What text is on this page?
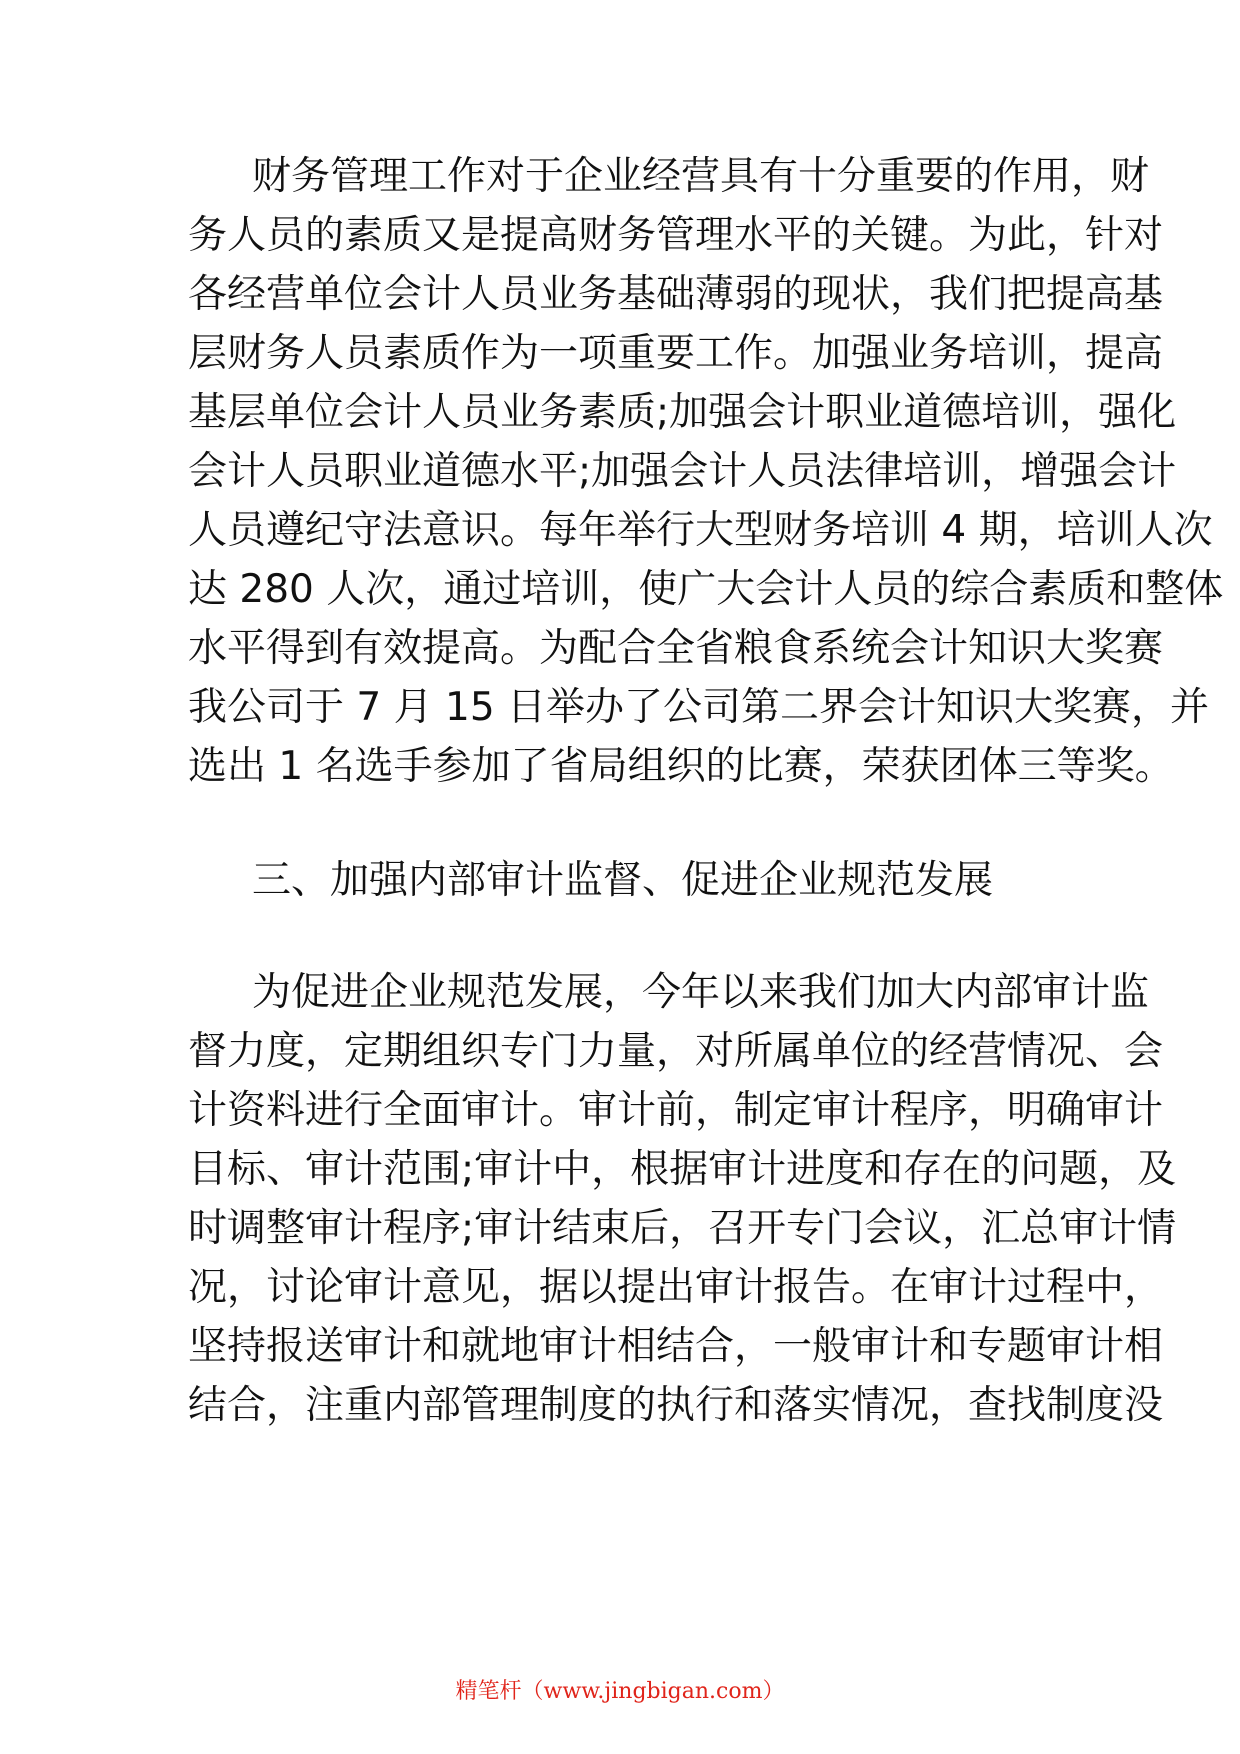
财务管理工作对于企业经营具有十分重要的作用，财
务人员的素质又是提高财务管理水平的关键。为此，针对
各经营单位会计人员业务基础薄弱的现状，我们把提高基
层财务人员素质作为一项重要工作。加强业务培训，提高
基层单位会计人员业务素质;加强会计职业道德培训，强化
会计人员职业道德水平;加强会计人员法律培训，增强会计
人员遵纪守法意识。每年举行大型财务培训 4 期，培训人次
达 280 人次，通过培训，使广大会计人员的综合素质和整体
水平得到有效提高。为配合全省粮食系统会计知识大奖赛
我公司于 7 月 15 日举办了公司第二界会计知识大奖赛，并
选出 1 名选手参加了省局组织的比赛，荣获团体三等奖。
三、加强内部审计监督、促进企业规范发展
为促进企业规范发展，今年以来我们加大内部审计监
督力度，定期组织专门力量，对所属单位的经营情况、会
计资料进行全面审计。审计前，制定审计程序，明确审计
目标、审计范围;审计中，根据审计进度和存在的问题，及
时调整审计程序;审计结束后，召开专门会议，汇总审计情
况，讨论审计意见，据以提出审计报告。在审计过程中，
坚持报送审计和就地审计相结合，一般审计和专题审计相
结合，注重内部管理制度的执行和落实情况，查找制度没
精笔杆（www.jingbigan.com）
